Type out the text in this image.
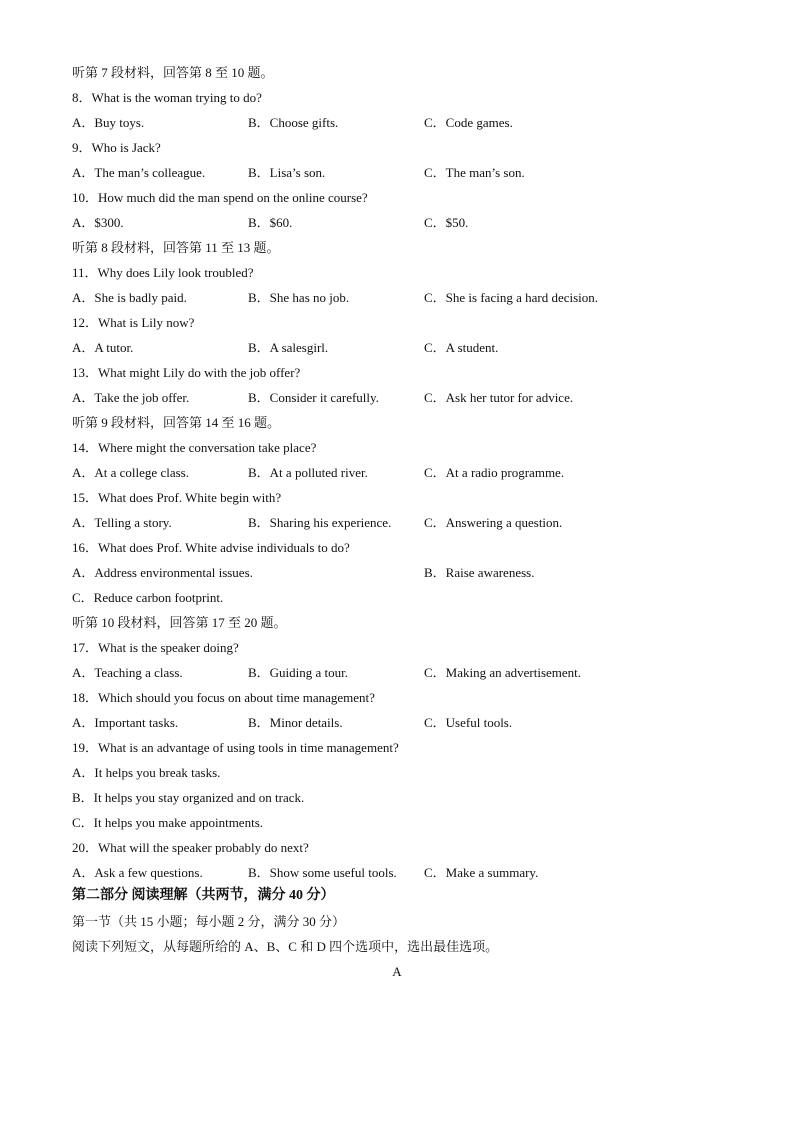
听第 7 段材料，回答第 8 至 10 题。
8．What is the woman trying to do?
A．Buy toys.	B．Choose gifts.	C．Code games.
9．Who is Jack?
A．The man’s colleague.	B．Lisa’s son.	C．The man’s son.
10．How much did the man spend on the online course?
A．$300.	B．$60.	C．$50.
听第 8 段材料，回答第 11 至 13 题。
11．Why does Lily look troubled?
A．She is badly paid.	B．She has no job.	C．She is facing a hard decision.
12．What is Lily now?
A．A tutor.	B．A salesgirl.	C．A student.
13．What might Lily do with the job offer?
A．Take the job offer.	B．Consider it carefully.	C．Ask her tutor for advice.
听第 9 段材料，回答第 14 至 16 题。
14．Where might the conversation take place?
A．At a college class.	B．At a polluted river.	C．At a radio programme.
15．What does Prof. White begin with?
A．Telling a story.	B．Sharing his experience.	C．Answering a question.
16．What does Prof. White advise individuals to do?
A．Address environmental issues.	B．Raise awareness.
C．Reduce carbon footprint.
听第 10 段材料，回答第 17 至 20 题。
17．What is the speaker doing?
A．Teaching a class.	B．Guiding a tour.	C．Making an advertisement.
18．Which should you focus on about time management?
A．Important tasks.	B．Minor details.	C．Useful tools.
19．What is an advantage of using tools in time management?
A．It helps you break tasks.
B．It helps you stay organized and on track.
C．It helps you make appointments.
20．What will the speaker probably do next?
A．Ask a few questions.	B．Show some useful tools. C．Make a summary.
第二部分 阅读理解（共两节，满分 40 分）
第一节（共 15 小题；每小题 2 分，满分 30 分）
阅读下列短文，从每题所给的 A、B、C 和 D 四个选项中，选出最佳选项。
A
